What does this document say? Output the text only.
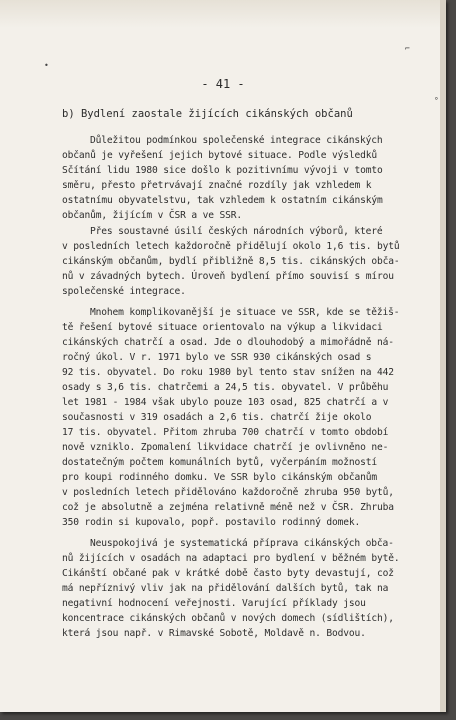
⌐
•
∘
- 41 -
b) Bydlení zaostale žijících cikánských občanů
Důležitou podmínkou společenské integrace cikánských
občanů je vyřešení jejich bytové situace. Podle výsledků
Sčítání lidu 1980 sice došlo k pozitivnímu vývoji v tomto
směru, přesto přetrvávají značné rozdíly jak vzhledem k
ostatnímu obyvatelstvu, tak vzhledem k ostatním cikánským
občanům, žijícím v ČSR a ve SSR.
Přes soustavné úsilí českých národních výborů, které
v posledních letech každoročně přidělují okolo 1,6 tis. bytů
cikánským občanům, bydlí přibližně 8,5 tis. cikánských obča-
nů v závadných bytech. Úroveň bydlení přímo souvisí s mírou
společenské integrace.
Mnohem komplikovanější je situace ve SSR, kde se těžiš-
tě řešení bytové situace orientovalo na výkup a likvidaci
cikánských chatrčí a osad. Jde o dlouhodobý a mimořádně ná-
ročný úkol. V r. 1971 bylo ve SSR 930 cikánských osad s
92 tis. obyvatel. Do roku 1980 byl tento stav snížen na 442
osady s 3,6 tis. chatrčemi a 24,5 tis. obyvatel. V průběhu
let 1981 - 1984 však ubylo pouze 103 osad, 825 chatrčí a v
současnosti v 319 osadách a 2,6 tis. chatrčí žije okolo
17 tis. obyvatel. Přitom zhruba 700 chatrčí v tomto období
nově vzniklo. Zpomalení likvidace chatrčí je ovlivněno ne-
dostatečným počtem komunálních bytů, vyčerpáním možností
pro koupi rodinného domku. Ve SSR bylo cikánským občanům
v posledních letech přidělováno každoročně zhruba 950 bytů,
což je absolutně a zejména relativně méně než v ČSR. Zhruba
350 rodin si kupovalo, popř. postavilo rodinný domek.
Neuspokojivá je systematická příprava cikánských obča-
nů žijících v osadách na adaptaci pro bydlení v běžném bytě.
Cikánští občané pak v krátké době často byty devastují, což
má nepříznivý vliv jak na přidělování dalších bytů, tak na
negativní hodnocení veřejnosti. Varující příklady jsou
koncentrace cikánských občanů v nových domech (sídlištích),
která jsou např. v Rimavské Sobotě, Moldavě n. Bodvou.
